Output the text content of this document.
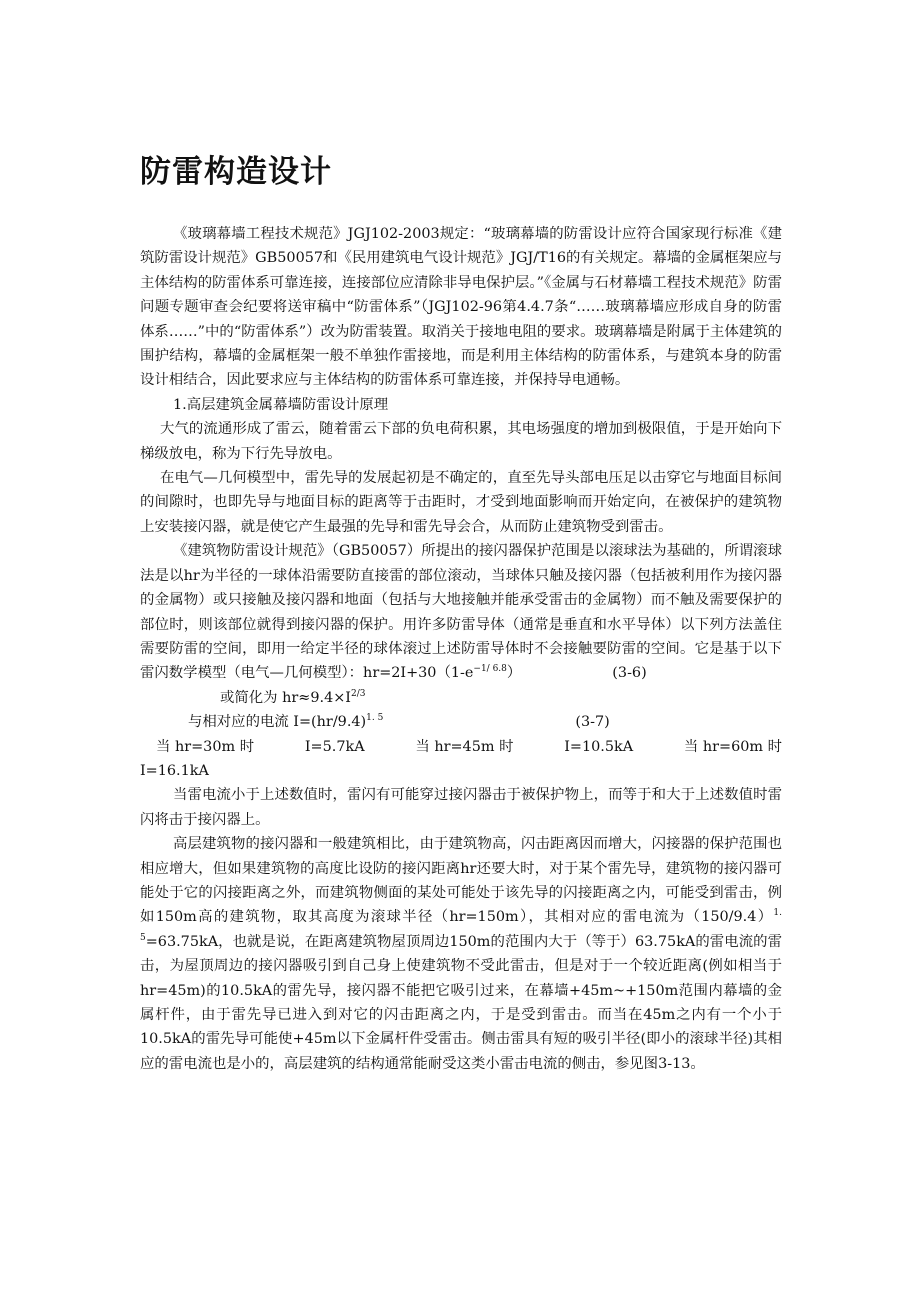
防雷构造设计

《玻璃幕墙工程技术规范》JGJ102-2003规定：“玻璃幕墙的防雷设计应符合国家现行标准《建筑防雷设计规范》GB50057和《民用建筑电气设计规范》JGJ/T16的有关规定。幕墙的金属框架应与主体结构的防雷体系可靠连接，连接部位应清除非导电保护层。”《金属与石材幕墙工程技术规范》防雷问题专题审查会纪要将送审稿中“防雷体系”（JGJ102-96第4.4.7条“……玻璃幕墙应形成自身的防雷体系……”中的“防雷体系”）改为防雷装置。取消关于接地电阻的要求。玻璃幕墙是附属于主体建筑的围护结构，幕墙的金属框架一般不单独作雷接地，而是利用主体结构的防雷体系，与建筑本身的防雷设计相结合，因此要求应与主体结构的防雷体系可靠连接，并保持导电通畅。

1.高层建筑金属幕墙防雷设计原理

大气的流通形成了雷云，随着雷云下部的负电荷积累，其电场强度的增加到极限值，于是开始向下梯级放电，称为下行先导放电。

在电气—几何模型中，雷先导的发展起初是不确定的，直至先导头部电压足以击穿它与地面目标间的间隙时，也即先导与地面目标的距离等于击距时，才受到地面影响而开始定向，在被保护的建筑物上安装接闪器，就是使它产生最强的先导和雷先导会合，从而防止建筑物受到雷击。

《建筑物防雷设计规范》（GB50057）所提出的接闪器保护范围是以滚球法为基础的，所谓滚球法是以hr为半径的一球体沿需要防直接雷的部位滚动，当球体只触及接闪器（包括被利用作为接闪器的金属物）或只接触及接闪器和地面（包括与大地接触并能承受雷击的金属物）而不触及需要保护的部位时，则该部位就得到接闪器的保护。用许多防雷导体（通常是垂直和水平导体）以下列方法盖住需要防雷的空间，即用一给定半径的球体滚过上述防雷导体时不会接触要防雷的空间。它是基于以下雷闪数学模型（电气—几何模型）：$hr=2I+30(1-e^{-1/ 6.8})$	(3-6)

或简化为 $hr\approx 9.4\times I^{2/3}$

与相对应的电流 $I=(hr/9.4)^{1. 5}$	(3-7)

当 hr=30m 时	I=5.7kA	当 hr=45m 时	I=10.5kA	当 hr=60m 时

I=16.1kA

当雷电流小于上述数值时，雷闪有可能穿过接闪器击于被保护物上，而等于和大于上述数值时雷闪将击于接闪器上。

高层建筑物的接闪器和一般建筑相比，由于建筑物高，闪击距离因而增大，闪接器的保护范围也相应增大，但如果建筑物的高度比设防的接闪距离hr还要大时，对于某个雷先导，建筑物的接闪器可能处于它的闪接距离之外，而建筑物侧面的某处可能处于该先导的闪接距离之内，可能受到雷击，例如150m高的建筑物，取其高度为滚球半径（hr=150m），其相对应的雷电流为$(150/9.4)^{1. 5}=63.75kA$，也就是说，在距离建筑物屋顶周边150m的范围内大于（等于）63.75kA的雷电流的雷击，为屋顶周边的接闪器吸引到自己身上使建筑物不受此雷击，但是对于一个较近距离(例如相当于hr=45m)的10.5kA的雷先导，接闪器不能把它吸引过来，在幕墙+45m~+150m范围内幕墙的金属杆件，由于雷先导已进入到对它的闪击距离之内，于是受到雷击。而当在45m之内有一个小于10.5kA的雷先导可能使+45m以下金属杆件受雷击。侧击雷具有短的吸引半径(即小的滚球半径)其相应的雷电流也是小的，高层建筑的结构通常能耐受这类小雷击电流的侧击，参见图3-13。
